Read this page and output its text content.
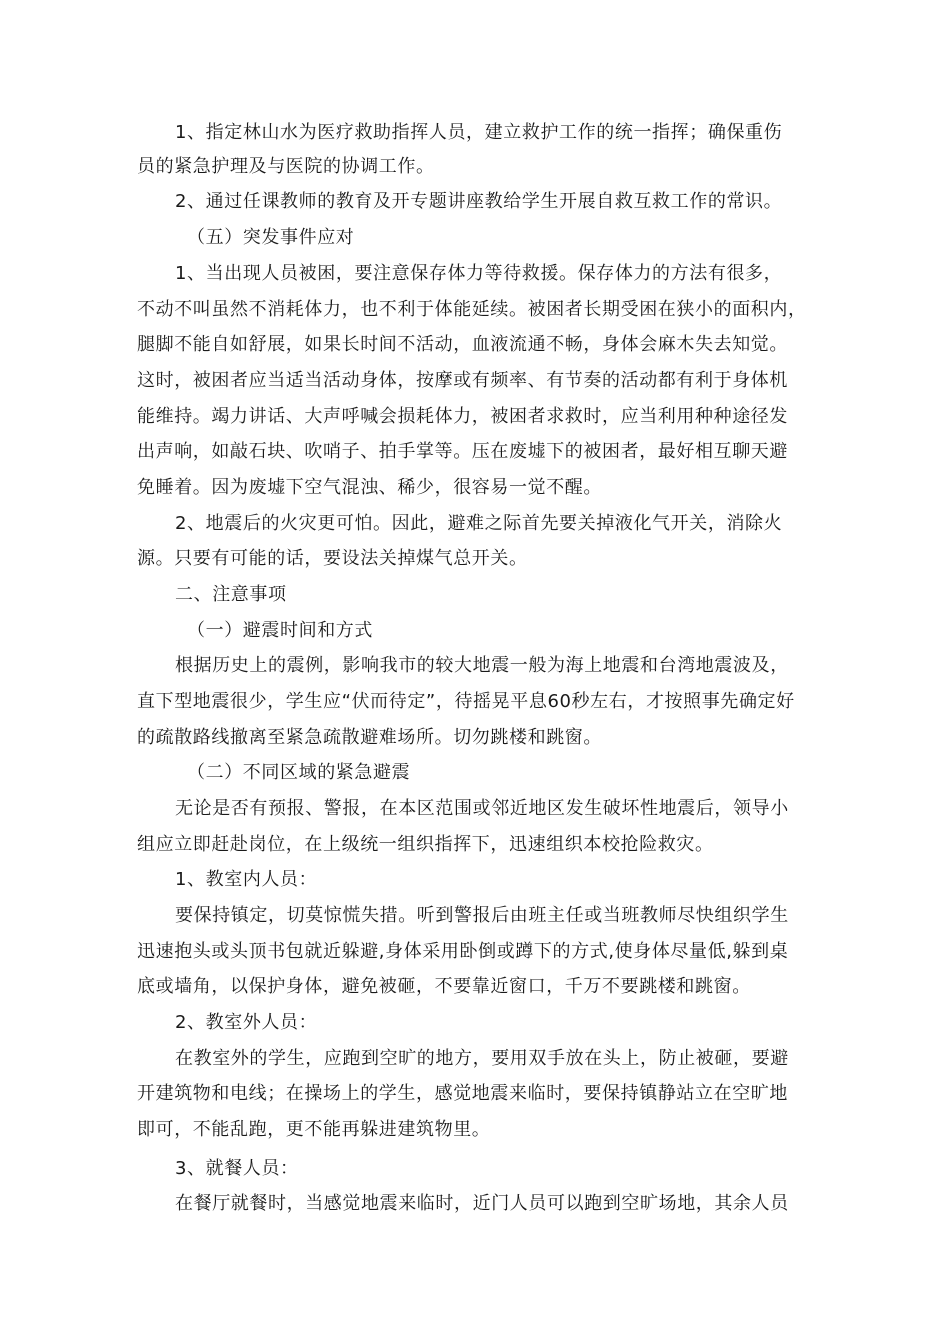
1、指定林山水为医疗救助指挥人员，建立救护工作的统一指挥；确保重伤
员的紧急护理及与医院的协调工作。
2、通过任课教师的教育及开专题讲座教给学生开展自救互救工作的常识。
（五）突发事件应对
1、当出现人员被困，要注意保存体力等待救援。保存体力的方法有很多，
不动不叫虽然不消耗体力，也不利于体能延续。被困者长期受困在狭小的面积内，
腿脚不能自如舒展，如果长时间不活动，血液流通不畅，身体会麻木失去知觉。
这时，被困者应当适当活动身体，按摩或有频率、有节奏的活动都有利于身体机
能维持。竭力讲话、大声呼喊会损耗体力，被困者求救时，应当利用种种途径发
出声响，如敲石块、吹哨子、拍手掌等。压在废墟下的被困者，最好相互聊天避
免睡着。因为废墟下空气混浊、稀少，很容易一觉不醒。
2、地震后的火灾更可怕。因此，避难之际首先要关掉液化气开关，消除火
源。只要有可能的话，要设法关掉煤气总开关。
二、注意事项
（一）避震时间和方式
根据历史上的震例，影响我市的较大地震一般为海上地震和台湾地震波及，
直下型地震很少，学生应“伏而待定”，待摇晃平息60秒左右，才按照事先确定好
的疏散路线撤离至紧急疏散避难场所。切勿跳楼和跳窗。
（二）不同区域的紧急避震
无论是否有预报、警报，在本区范围或邻近地区发生破坏性地震后，领导小
组应立即赶赴岗位，在上级统一组织指挥下，迅速组织本校抢险救灾。
1、教室内人员：
要保持镇定，切莫惊慌失措。听到警报后由班主任或当班教师尽快组织学生
迅速抱头或头顶书包就近躲避,身体采用卧倒或蹲下的方式,使身体尽量低,躲到桌
底或墙角，以保护身体，避免被砸，不要靠近窗口，千万不要跳楼和跳窗。
2、教室外人员：
在教室外的学生，应跑到空旷的地方，要用双手放在头上，防止被砸，要避
开建筑物和电线；在操场上的学生，感觉地震来临时，要保持镇静站立在空旷地
即可，不能乱跑，更不能再躲进建筑物里。
3、就餐人员：
在餐厅就餐时，当感觉地震来临时，近门人员可以跑到空旷场地，其余人员
